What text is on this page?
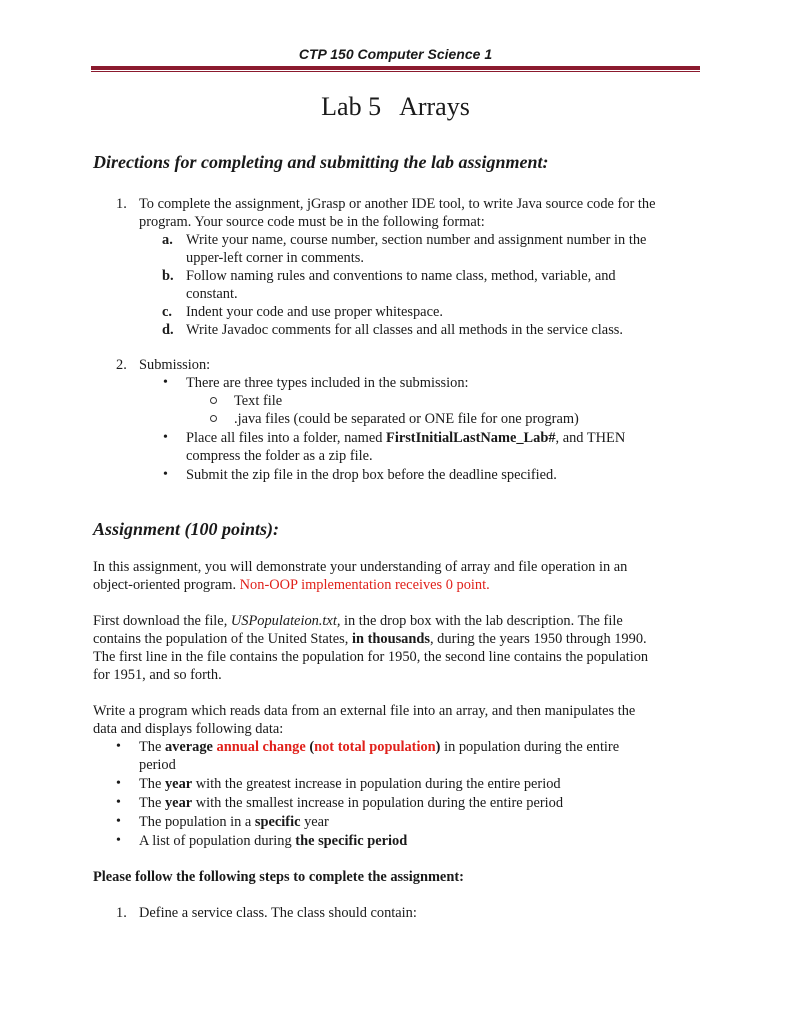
CTP 150 Computer Science 1
Lab 5 Arrays
Directions for completing and submitting the lab assignment:
1. To complete the assignment, jGrasp or another IDE tool, to write Java source code for the
program. Your source code must be in the following format:
a. Write your name, course number, section number and assignment number in the
upper-left corner in comments.
b. Follow naming rules and conventions to name class, method, variable, and
constant.
c. Indent your code and use proper whitespace.
d. Write Javadoc comments for all classes and all methods in the service class.
2. Submission:
• There are three types included in the submission:
Text file
.java files (could be separated or ONE file for one program)
• Place all files into a folder, named FirstInitialLastName_Lab#, and THEN
compress the folder as a zip file.
• Submit the zip file in the drop box before the deadline specified.
Assignment (100 points):
In this assignment, you will demonstrate your understanding of array and file operation in an
object-oriented program. Non-OOP implementation receives 0 point.
First download the file, USPopulateion.txt, in the drop box with the lab description. The file
contains the population of the United States, in thousands, during the years 1950 through 1990.
The first line in the file contains the population for 1950, the second line contains the population
for 1951, and so forth.
Write a program which reads data from an external file into an array, and then manipulates the
data and displays following data:
• The average annual change (not total population) in population during the entire
period
• The year with the greatest increase in population during the entire period
• The year with the smallest increase in population during the entire period
• The population in a specific year
• A list of population during the specific period
Please follow the following steps to complete the assignment:
1. Define a service class. The class should contain:
